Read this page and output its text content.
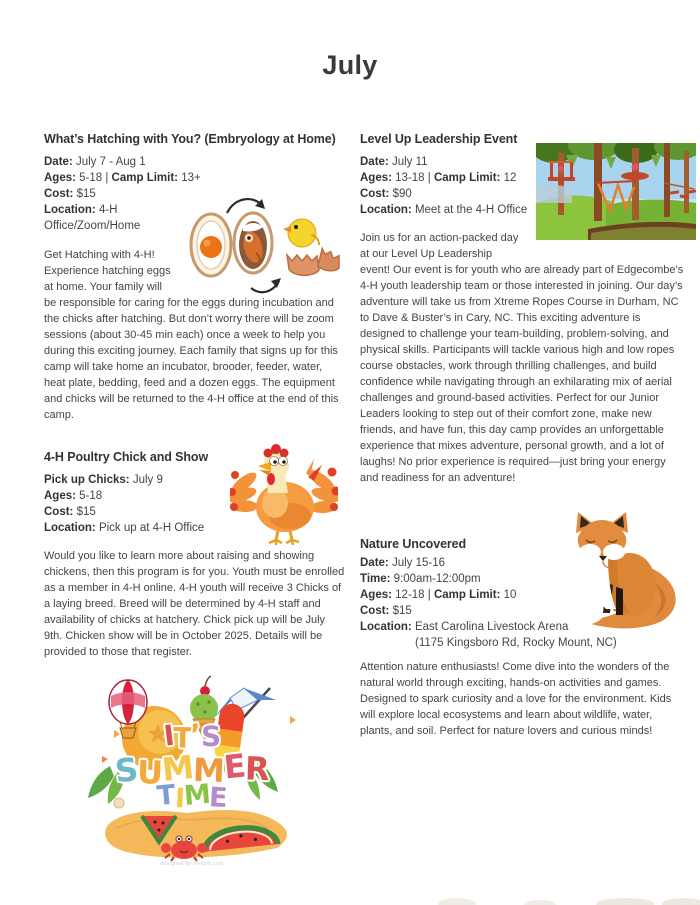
July
What’s Hatching with You? (Embryology at Home)
Date: July 7 - Aug 1
Ages: 5-18 | Camp Limit: 13+
Cost: $15
Location: 4-H
Office/Zoom/Home
Get Hatching with 4-H!
Experience hatching eggs
at home. Your family will
be responsible for caring for the eggs during incubation and the chicks after hatching. But don’t worry there will be zoom sessions (about 30-45 min each) once a week to help you during this exciting journey. Each family that signs up for this camp will take home an incubator, brooder, feeder, water, heat plate, bedding, feed and a dozen eggs. The equipment and chicks will be returned to the 4-H office at the end of this camp.
4-H Poultry Chick and Show
Pick up Chicks: July 9
Ages: 5-18
Cost: $15
Location: Pick up at 4-H Office
Would you like to learn more about raising and showing chickens, then this program is for you. Youth must be enrolled as a member in 4-H online. 4-H youth will receive 3 Chicks of a laying breed. Breed will be determined by 4-H staff and availability of chicks at hatchery. Chick pick up will be July 9th. Chicken show will be in October 2025. Details will be provided to those that register.
Level Up Leadership Event
Date: July 11
Ages: 13-18 | Camp Limit: 12
Cost: $90
Location: Meet at the 4-H Office
Join us for an action-packed day
at our Level Up Leadership
event! Our event is for youth who are already part of Edgecombe’s 4-H youth leadership team or those interested in joining. Our day’s adventure will take us from Xtreme Ropes Course in Durham, NC to Dave & Buster’s in Cary, NC. This exciting adventure is designed to challenge your team-building, problem-solving, and physical skills. Participants will tackle various high and low ropes course obstacles, work through thrilling challenges, and build confidence while navigating through an exhilarating mix of aerial challenges and ground-based activities. Perfect for our Junior Leaders looking to step out of their comfort zone, make new friends, and have fun, this day camp provides an unforgettable experience that mixes adventure, personal growth, and a lot of laughs! No prior experience is required—just bring your energy and readiness for an adventure!
Nature Uncovered
Date: July 15-16
Time: 9:00am-12:00pm
Ages: 12-18 | Camp Limit: 10
Cost: $15
Location: East Carolina Livestock Arena
(1175 Kingsboro Rd, Rocky Mount, NC)
Attention nature enthusiasts! Come dive into the wonders of the natural world through exciting, hands-on activities and games. Designed to spark curiosity and a love for the environment. Kids will explore local ecosystems and learn about wildlife, water, plants, and soil. Perfect for nature lovers and curious minds!
IT’S
SUMMER
TIME
designed by freepik.com
